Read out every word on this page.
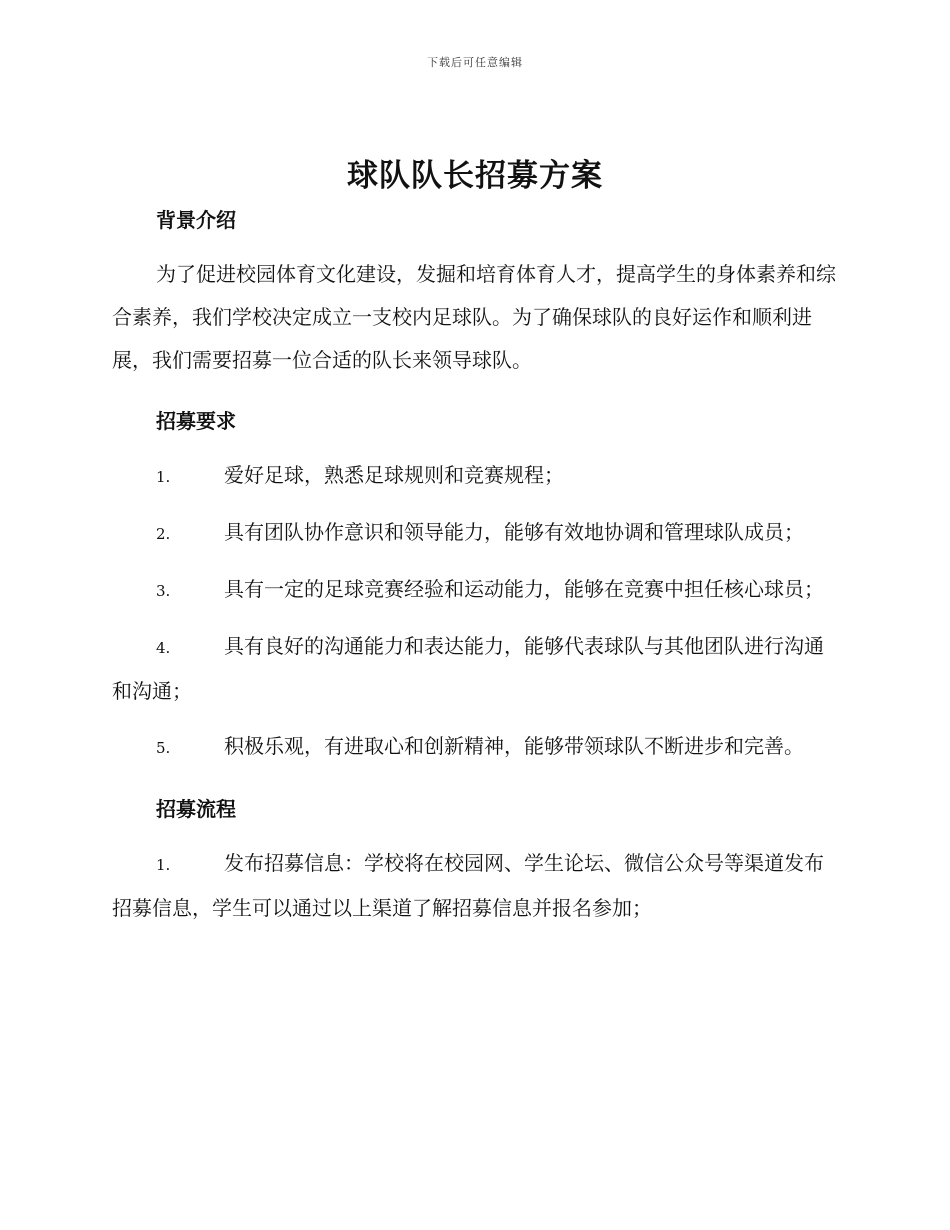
下载后可任意编辑
球队队长招募方案
背景介绍

为了促进校园体育文化建设，发掘和培育体育人才，提高学生的身体素养和综合素养，我们学校决定成立一支校内足球队。为了确保球队的良好运作和顺利进展，我们需要招募一位合适的队长来领导球队。

招募要求

1.	爱好足球，熟悉足球规则和竞赛规程；

2.	具有团队协作意识和领导能力，能够有效地协调和管理球队成员；

3.	具有一定的足球竞赛经验和运动能力，能够在竞赛中担任核心球员；

4.	具有良好的沟通能力和表达能力，能够代表球队与其他团队进行沟通和沟通；

5.	积极乐观，有进取心和创新精神，能够带领球队不断进步和完善。

招募流程

1.	发布招募信息：学校将在校园网、学生论坛、微信公众号等渠道发布招募信息，学生可以通过以上渠道了解招募信息并报名参加；
